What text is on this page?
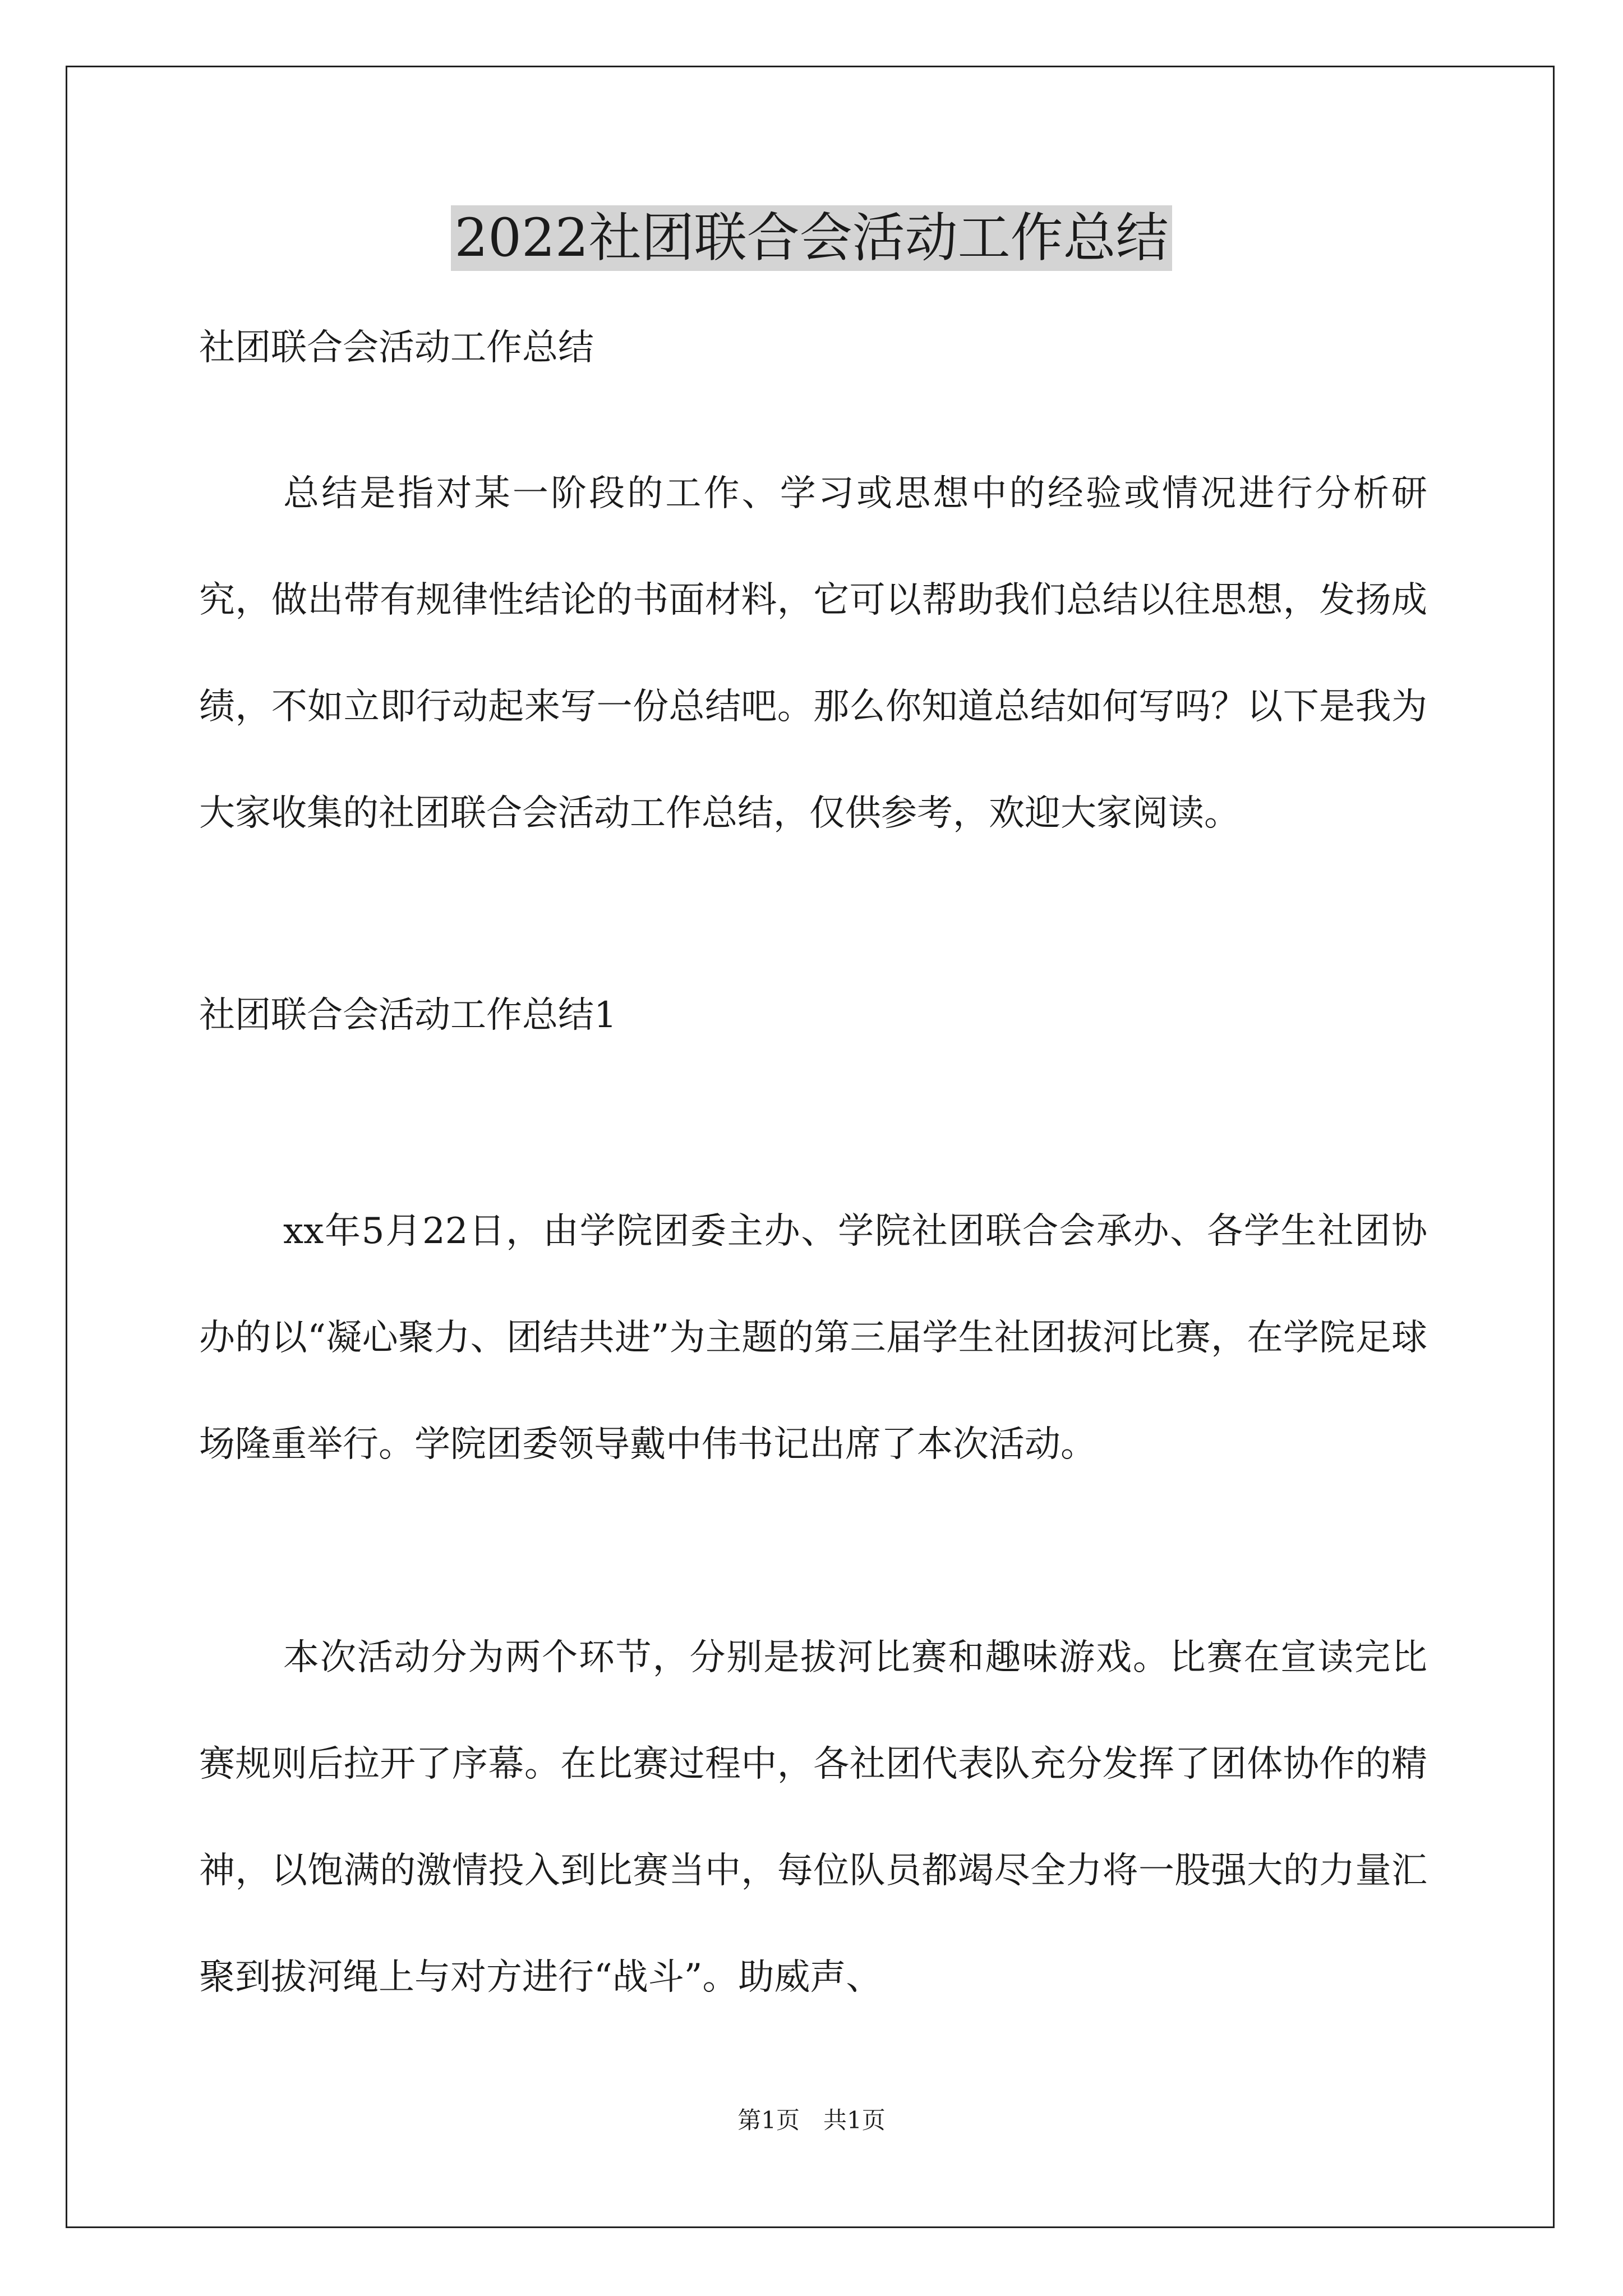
2022社团联合会活动工作总结

社团联合会活动工作总结

总结是指对某一阶段的工作、学习或思想中的经验或情况进行分析研究，做出带有规律性结论的书面材料，它可以帮助我们总结以往思想，发扬成绩，不如立即行动起来写一份总结吧。那么你知道总结如何写吗？以下是我为大家收集的社团联合会活动工作总结，仅供参考，欢迎大家阅读。

社团联合会活动工作总结1

xx年5月22日，由学院团委主办、学院社团联合会承办、各学生社团协办的以“凝心聚力、团结共进”为主题的第三届学生社团拔河比赛，在学院足球场隆重举行。学院团委领导戴中伟书记出席了本次活动。

本次活动分为两个环节，分别是拔河比赛和趣味游戏。比赛在宣读完比赛规则后拉开了序幕。在比赛过程中，各社团代表队充分发挥了团体协作的精神，以饱满的激情投入到比赛当中，每位队员都竭尽全力将一股强大的力量汇聚到拔河绳上与对方进行“战斗”。助威声、

第1页　共1页
